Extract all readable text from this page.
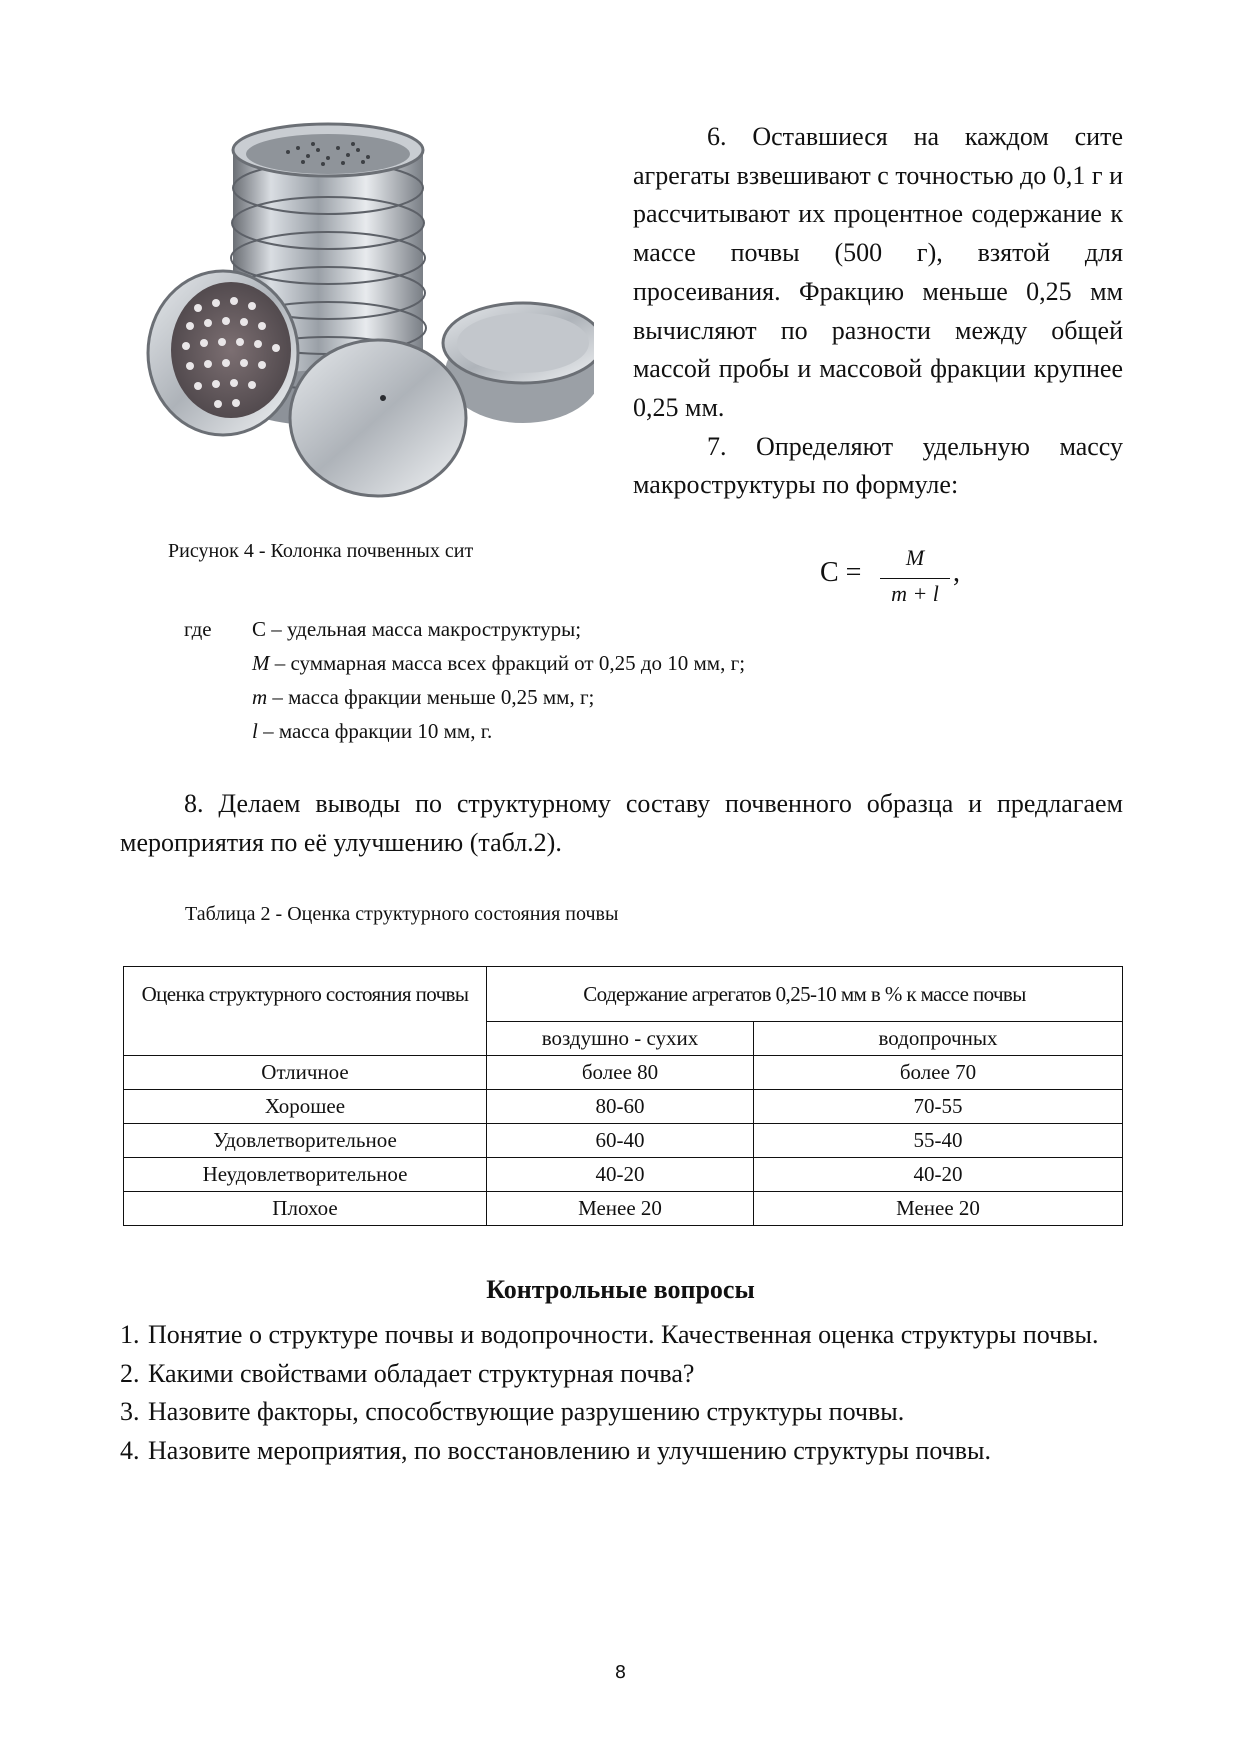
Рисунок 4 - Колонка почвенных сит

6. Оставшиеся на каждом сите агрегаты взвешивают с точностью до 0,1 г и рассчитывают их процентное содержание к массе почвы (500 г), взятой для просеивания. Фракцию меньше 0,25 мм вычисляют по разности между общей массой пробы и массовой фракции крупнее 0,25 мм.

7. Определяют удельную массу макроструктуры по формуле:

С =	M
m + l
,
где С – удельная масса макроструктуры;
M – суммарная масса всех фракций от 0,25 до 10 мм, г;
m – масса фракции меньше 0,25 мм, г;
l – масса фракции 10 мм, г.

8. Делаем выводы по структурному составу почвенного образца и предлагаем мероприятия по её улучшению (табл.2).

Таблица 2 - Оценка структурного состояния почвы
Оценка структурного состояния почвы	Содержание агрегатов 0,25-10 мм в % к массе почвы	
	воздушно - сухих	водопрочных
Отличное	более 80	более 70
Хорошее	80-60	70-55
Удовлетворительное	60-40	55-40
Неудовлетворительное	40-20	40-20
Плохое	Менее 20	Менее 20
Контрольные вопросы
1. Понятие о структуре почвы и водопрочности. Качественная оценка структуры почвы.
2. Какими свойствами обладает структурная почва?
3. Назовите факторы, способствующие разрушению структуры почвы.
4. Назовите мероприятия, по восстановлению и улучшению структуры почвы.
8
